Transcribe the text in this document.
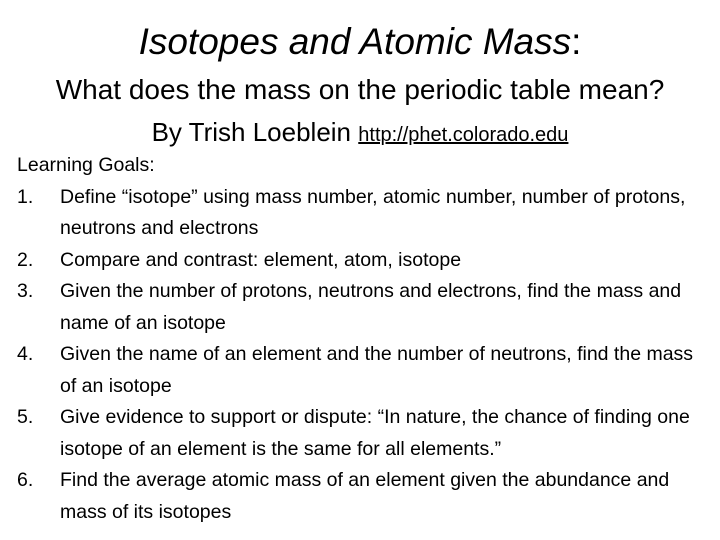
Isotopes and Atomic Mass:
What does the mass on the periodic table mean?
By Trish Loeblein http://phet.colorado.edu
Learning Goals:
1.	Define “isotope” using mass number, atomic number, number of protons, neutrons and electrons
2.	Compare and contrast: element, atom, isotope
3.	Given the number of protons, neutrons and electrons, find the mass and name of an isotope
4.	Given the name of an element and the number of neutrons, find the mass of an isotope
5.	Give evidence to support or dispute: “In nature, the chance of finding one isotope of an element is the same for all elements.”
6.	Find the average atomic mass of an element given the abundance and mass of its isotopes
